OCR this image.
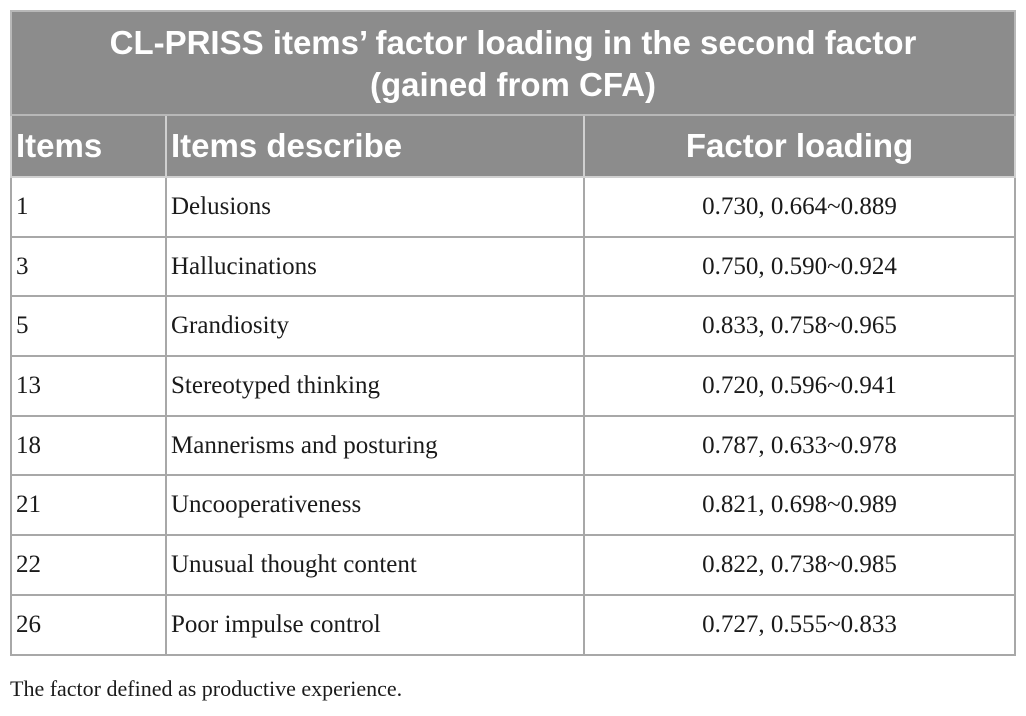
CL-PRISS items’ factor loading in the second factor
(gained from CFA)		
Items	Items describe	Factor loading
1	Delusions	0.730, 0.664~0.889
3	Hallucinations	0.750, 0.590~0.924
5	Grandiosity	0.833, 0.758~0.965
13	Stereotyped thinking	0.720, 0.596~0.941
18	Mannerisms and posturing	0.787, 0.633~0.978
21	Uncooperativeness	0.821, 0.698~0.989
22	Unusual thought content	0.822, 0.738~0.985
26	Poor impulse control	0.727, 0.555~0.833
The factor defined as productive experience.
